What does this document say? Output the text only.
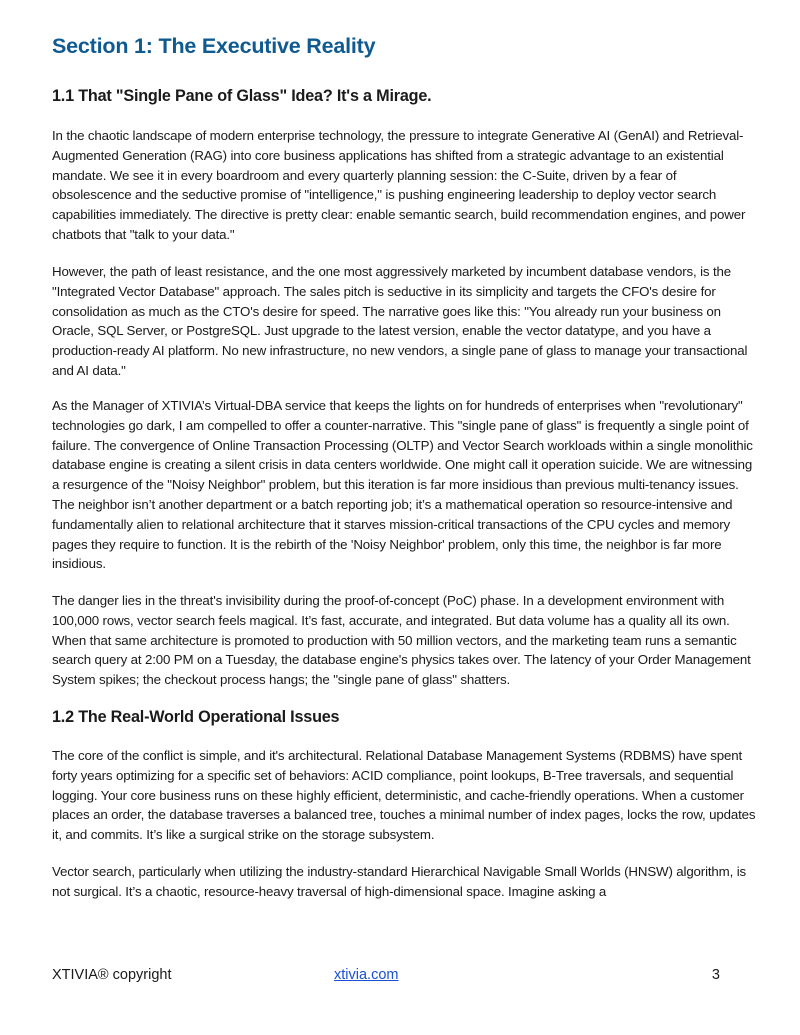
Section 1: The Executive Reality
1.1 That "Single Pane of Glass" Idea? It's a Mirage.

In the chaotic landscape of modern enterprise technology, the pressure to integrate Generative AI (GenAI) and Retrieval-Augmented Generation (RAG) into core business applications has shifted from a strategic advantage to an existential mandate. We see it in every boardroom and every quarterly planning session: the C-Suite, driven by a fear of obsolescence and the seductive promise of "intelligence," is pushing engineering leadership to deploy vector search capabilities immediately. The directive is pretty clear: enable semantic search, build recommendation engines, and power chatbots that "talk to your data."

However, the path of least resistance, and the one most aggressively marketed by incumbent database vendors, is the "Integrated Vector Database" approach. The sales pitch is seductive in its simplicity and targets the CFO's desire for consolidation as much as the CTO's desire for speed. The narrative goes like this: "You already run your business on Oracle, SQL Server, or PostgreSQL. Just upgrade to the latest version, enable the vector datatype, and you have a production-ready AI platform. No new infrastructure, no new vendors, a single pane of glass to manage your transactional and AI data."

As the Manager of XTIVIA’s Virtual-DBA service that keeps the lights on for hundreds of enterprises when "revolutionary" technologies go dark, I am compelled to offer a counter-narrative. This "single pane of glass" is frequently a single point of failure. The convergence of Online Transaction Processing (OLTP) and Vector Search workloads within a single monolithic database engine is creating a silent crisis in data centers worldwide. One might call it operation suicide. We are witnessing a resurgence of the "Noisy Neighbor" problem, but this iteration is far more insidious than previous multi-tenancy issues. The neighbor isn’t another department or a batch reporting job; it’s a mathematical operation so resource-intensive and fundamentally alien to relational architecture that it starves mission-critical transactions of the CPU cycles and memory pages they require to function. It is the rebirth of the 'Noisy Neighbor' problem, only this time, the neighbor is far more insidious.

The danger lies in the threat's invisibility during the proof-of-concept (PoC) phase. In a development environment with 100,000 rows, vector search feels magical. It’s fast, accurate, and integrated. But data volume has a quality all its own. When that same architecture is promoted to production with 50 million vectors, and the marketing team runs a semantic search query at 2:00 PM on a Tuesday, the database engine's physics takes over. The latency of your Order Management System spikes; the checkout process hangs; the "single pane of glass" shatters.

1.2 The Real-World Operational Issues

The core of the conflict is simple, and it's architectural. Relational Database Management Systems (RDBMS) have spent forty years optimizing for a specific set of behaviors: ACID compliance, point lookups, B-Tree traversals, and sequential logging. Your core business runs on these highly efficient, deterministic, and cache-friendly operations. When a customer places an order, the database traverses a balanced tree, touches a minimal number of index pages, locks the row, updates it, and commits. It’s like a surgical strike on the storage subsystem.

Vector search, particularly when utilizing the industry-standard Hierarchical Navigable Small Worlds (HNSW) algorithm, is not surgical. It’s a chaotic, resource-heavy traversal of high-dimensional space. Imagine asking a

XTIVIA® copyright	xtivia.com	3
